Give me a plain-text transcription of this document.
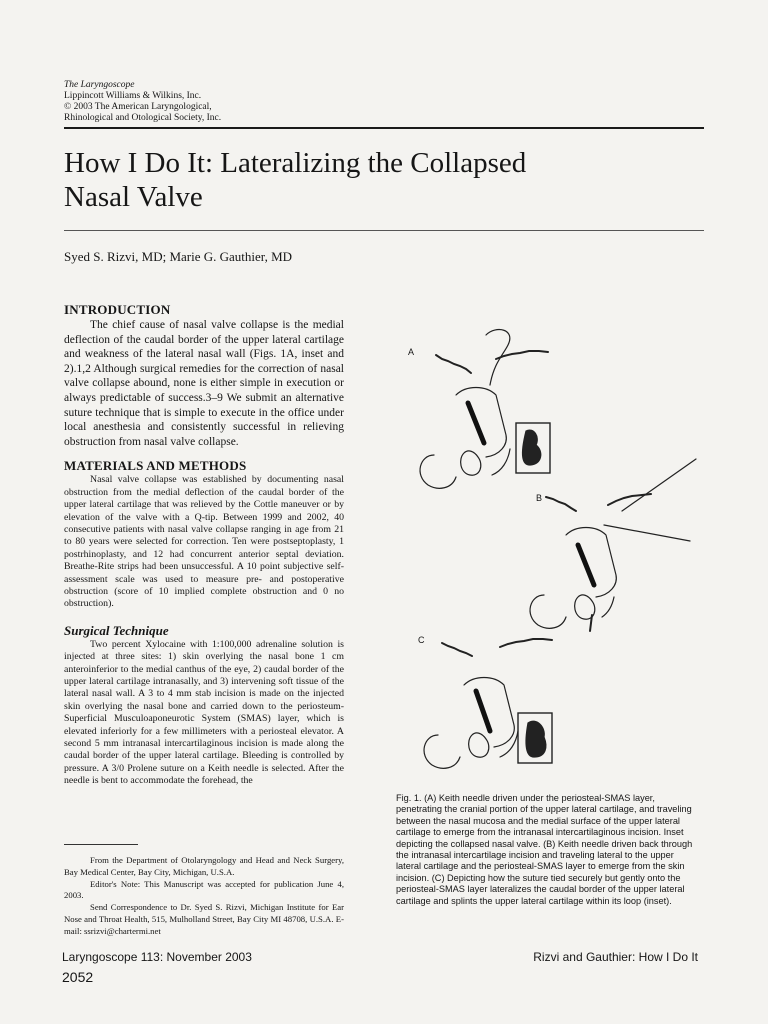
The Laryngoscope
Lippincott Williams & Wilkins, Inc.
© 2003 The American Laryngological,
Rhinological and Otological Society, Inc.
How I Do It: Lateralizing the Collapsed
Nasal Valve
Syed S. Rizvi, MD; Marie G. Gauthier, MD
INTRODUCTION

The chief cause of nasal valve collapse is the medial deflection of the caudal border of the upper lateral cartilage and weakness of the lateral nasal wall (Figs. 1A, inset and 2).1,2 Although surgical remedies for the correction of nasal valve collapse abound, none is either simple in execution or always predictable of success.3–9 We submit an alternative suture technique that is simple to execute in the office under local anesthesia and consistently successful in relieving obstruction from nasal valve collapse.

MATERIALS AND METHODS

Nasal valve collapse was established by documenting nasal obstruction from the medial deflection of the caudal border of the upper lateral cartilage that was relieved by the Cottle maneuver or by elevation of the valve with a Q-tip. Between 1999 and 2002, 40 consecutive patients with nasal valve collapse ranging in age from 21 to 80 years were selected for correction. Ten were postseptoplasty, 1 postrhinoplasty, and 12 had concurrent anterior septal deviation. Breathe-Rite strips had been unsuccessful. A 10 point subjective self-assessment scale was used to measure pre- and postoperative obstruction (score of 10 implied complete obstruction and 0 no obstruction).

Surgical Technique

Two percent Xylocaine with 1:100,000 adrenaline solution is injected at three sites: 1) skin overlying the nasal bone 1 cm anteroinferior to the medial canthus of the eye, 2) caudal border of the upper lateral cartilage intranasally, and 3) intervening soft tissue of the lateral nasal wall. A 3 to 4 mm stab incision is made on the injected skin overlying the nasal bone and carried down to the periosteum-Superficial Musculoaponeurotic System (SMAS) layer, which is elevated inferiorly for a few millimeters with a periosteal elevator. A second 5 mm intranasal intercartilaginous incision is made along the caudal border of the upper lateral cartilage. Bleeding is controlled by pressure. A 3/0 Prolene suture on a Keith needle is selected. After the needle is bent to accommodate the forehead, the

From the Department of Otolaryngology and Head and Neck Surgery, Bay Medical Center, Bay City, Michigan, U.S.A.

Editor's Note: This Manuscript was accepted for publication June 4, 2003.

Send Correspondence to Dr. Syed S. Rizvi, Michigan Institute for Ear Nose and Throat Health, 515, Mulholland Street, Bay City MI 48708, U.S.A. E-mail: ssrizvi@chartermi.net

A
B
C

Fig. 1. (A) Keith needle driven under the periosteal-SMAS layer, penetrating the cranial portion of the upper lateral cartilage, and traveling between the nasal mucosa and the medial surface of the upper lateral cartilage to emerge from the intranasal intercartilaginous incision. Inset depicting the collapsed nasal valve. (B) Keith needle driven back through the intranasal intercartilage incision and traveling lateral to the upper lateral cartilage and the periosteal-SMAS layer to emerge from the skin incision. (C) Depicting how the suture tied securely but gently onto the periosteal-SMAS layer lateralizes the caudal border of the upper lateral cartilage and splints the upper lateral cartilage within its loop (inset).

Laryngoscope 113: November 2003
2052
Rizvi and Gauthier: How I Do It
